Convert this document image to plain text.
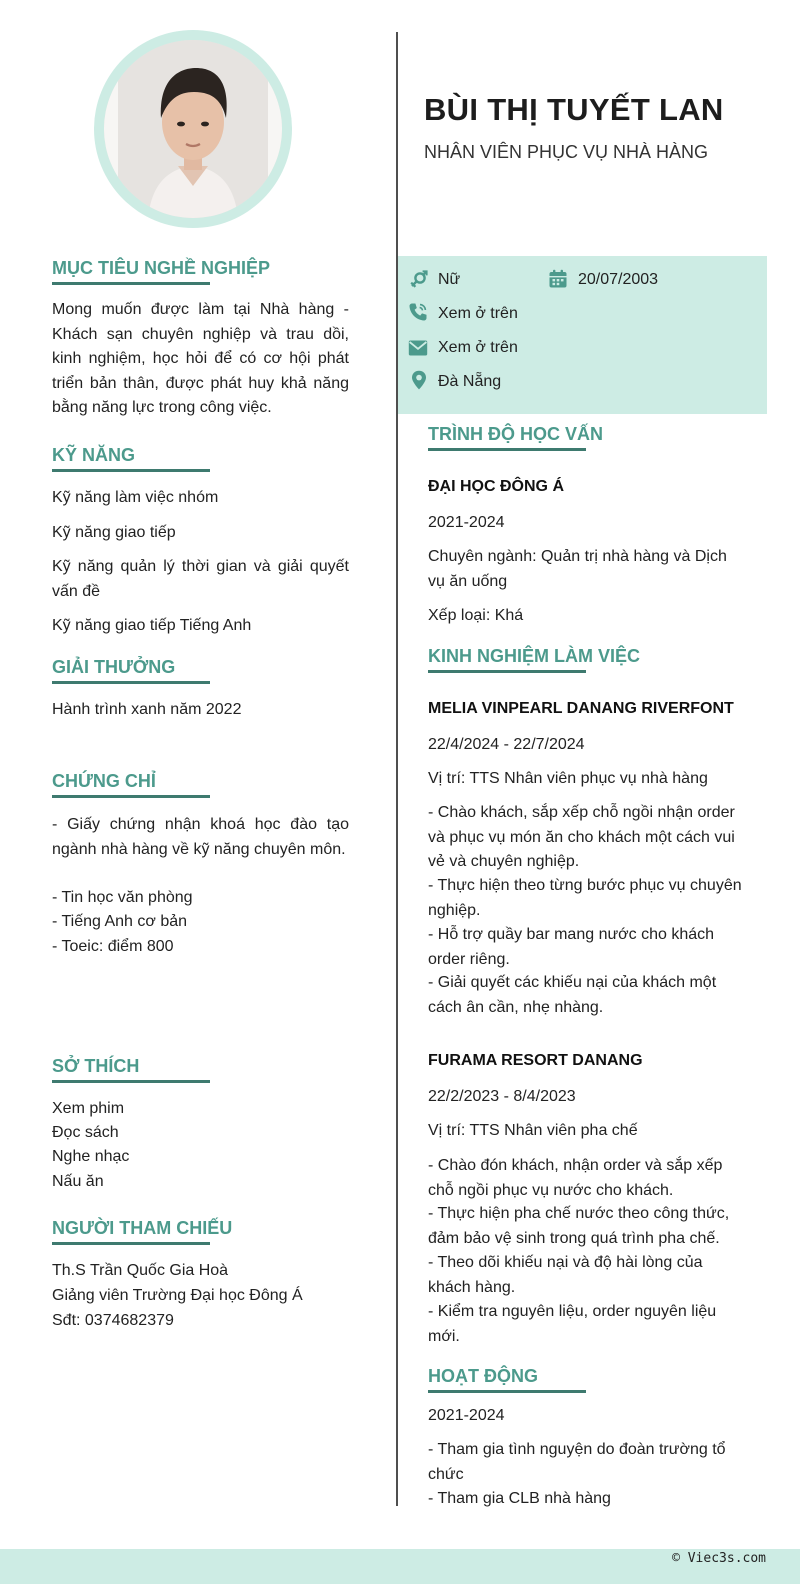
BÙI THỊ TUYẾT LAN
NHÂN VIÊN PHỤC VỤ NHÀ HÀNG
Nữ	20/07/2003
Xem ở trên
Xem ở trên
Đà Nẵng
MỤC TIÊU NGHỀ NGHIỆP
Mong muốn được làm tại Nhà hàng - Khách sạn chuyên nghiệp và trau dồi, kinh nghiệm, học hỏi để có cơ hội phát triển bản thân, được phát huy khả năng bằng năng lực trong công việc.
KỸ NĂNG
Kỹ năng làm việc nhóm
Kỹ năng giao tiếp
Kỹ năng quản lý thời gian và giải quyết vấn đề
Kỹ năng giao tiếp Tiếng Anh
GIẢI THƯỞNG
Hành trình xanh năm 2022
CHỨNG CHỈ
- Giấy chứng nhận khoá học đào tạo ngành nhà hàng về kỹ năng chuyên môn.
- Tin học văn phòng
- Tiếng Anh cơ bản
- Toeic: điểm 800
SỞ THÍCH
Xem phim
Đọc sách
Nghe nhạc
Nấu ăn
NGƯỜI THAM CHIẾU
Th.S Trần Quốc Gia Hoà
Giảng viên Trường Đại học Đông Á
Sđt: 0374682379
TRÌNH ĐỘ HỌC VẤN
ĐẠI HỌC ĐÔNG Á
2021-2024
Chuyên ngành: Quản trị nhà hàng và Dịch vụ ăn uống
Xếp loại: Khá
KINH NGHIỆM LÀM VIỆC
MELIA VINPEARL DANANG RIVERFONT
22/4/2024 - 22/7/2024
Vị trí: TTS Nhân viên phục vụ nhà hàng
- Chào khách, sắp xếp chỗ ngồi nhận order và phục vụ món ăn cho khách một cách vui vẻ và chuyên nghiệp.
- Thực hiện theo từng bước phục vụ chuyên nghiệp.
- Hỗ trợ quầy bar mang nước cho khách order riêng.
- Giải quyết các khiếu nại của khách một cách ân cần, nhẹ nhàng.
FURAMA RESORT DANANG
22/2/2023 - 8/4/2023
Vị trí: TTS Nhân viên pha chế
- Chào đón khách, nhận order và sắp xếp chỗ ngồi phục vụ nước cho khách.
- Thực hiện pha chế nước theo công thức, đảm bảo vệ sinh trong quá trình pha chế.
- Theo dõi khiếu nại và độ hài lòng của khách hàng.
- Kiểm tra nguyên liệu, order nguyên liệu mới.
HOẠT ĐỘNG
2021-2024
- Tham gia tình nguyện do đoàn trường tổ chức
- Tham gia CLB nhà hàng
© Viec3s.com
